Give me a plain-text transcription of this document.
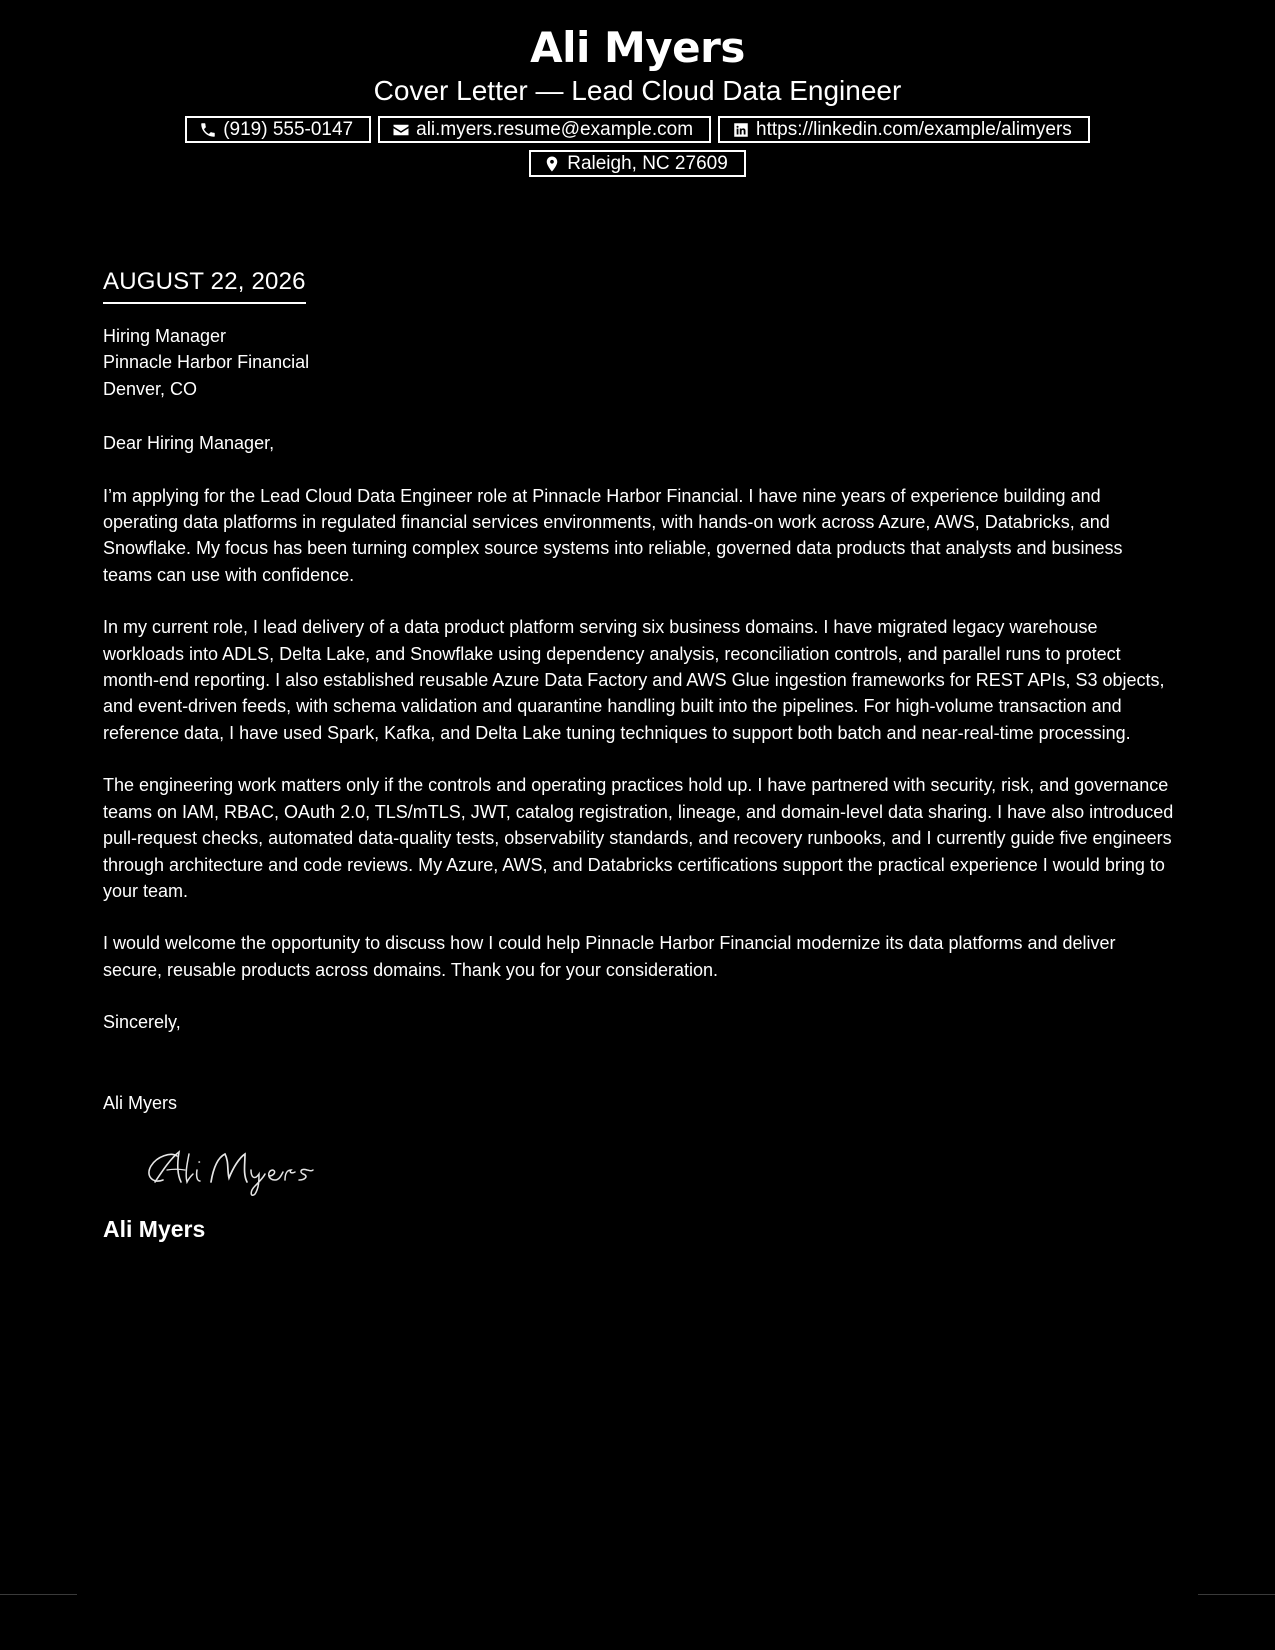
Ali Myers
Cover Letter — Lead Cloud Data Engineer
(919) 555-0147	ali.myers.resume@example.com	https://linkedin.com/example/alimyers
Raleigh, NC 27609
AUGUST 22, 2026
Hiring Manager
Pinnacle Harbor Financial
Denver, CO
Dear Hiring Manager,

I’m applying for the Lead Cloud Data Engineer role at Pinnacle Harbor Financial. I have nine years of experience building and operating data platforms in regulated financial services environments, with hands-on work across Azure, AWS, Databricks, and Snowflake. My focus has been turning complex source systems into reliable, governed data products that analysts and business teams can use with confidence.

In my current role, I lead delivery of a data product platform serving six business domains. I have migrated legacy warehouse workloads into ADLS, Delta Lake, and Snowflake using dependency analysis, reconciliation controls, and parallel runs to protect month-end reporting. I also established reusable Azure Data Factory and AWS Glue ingestion frameworks for REST APIs, S3 objects, and event-driven feeds, with schema validation and quarantine handling built into the pipelines. For high-volume transaction and reference data, I have used Spark, Kafka, and Delta Lake tuning techniques to support both batch and near-real-time processing.

The engineering work matters only if the controls and operating practices hold up. I have partnered with security, risk, and governance teams on IAM, RBAC, OAuth 2.0, TLS/mTLS, JWT, catalog registration, lineage, and domain-level data sharing. I have also introduced pull-request checks, automated data-quality tests, observability standards, and recovery runbooks, and I currently guide five engineers through architecture and code reviews. My Azure, AWS, and Databricks certifications support the practical experience I would bring to your team.

I would welcome the opportunity to discuss how I could help Pinnacle Harbor Financial modernize its data platforms and deliver secure, reusable products across domains. Thank you for your consideration.

Sincerely,
Ali Myers
Ali Myers
